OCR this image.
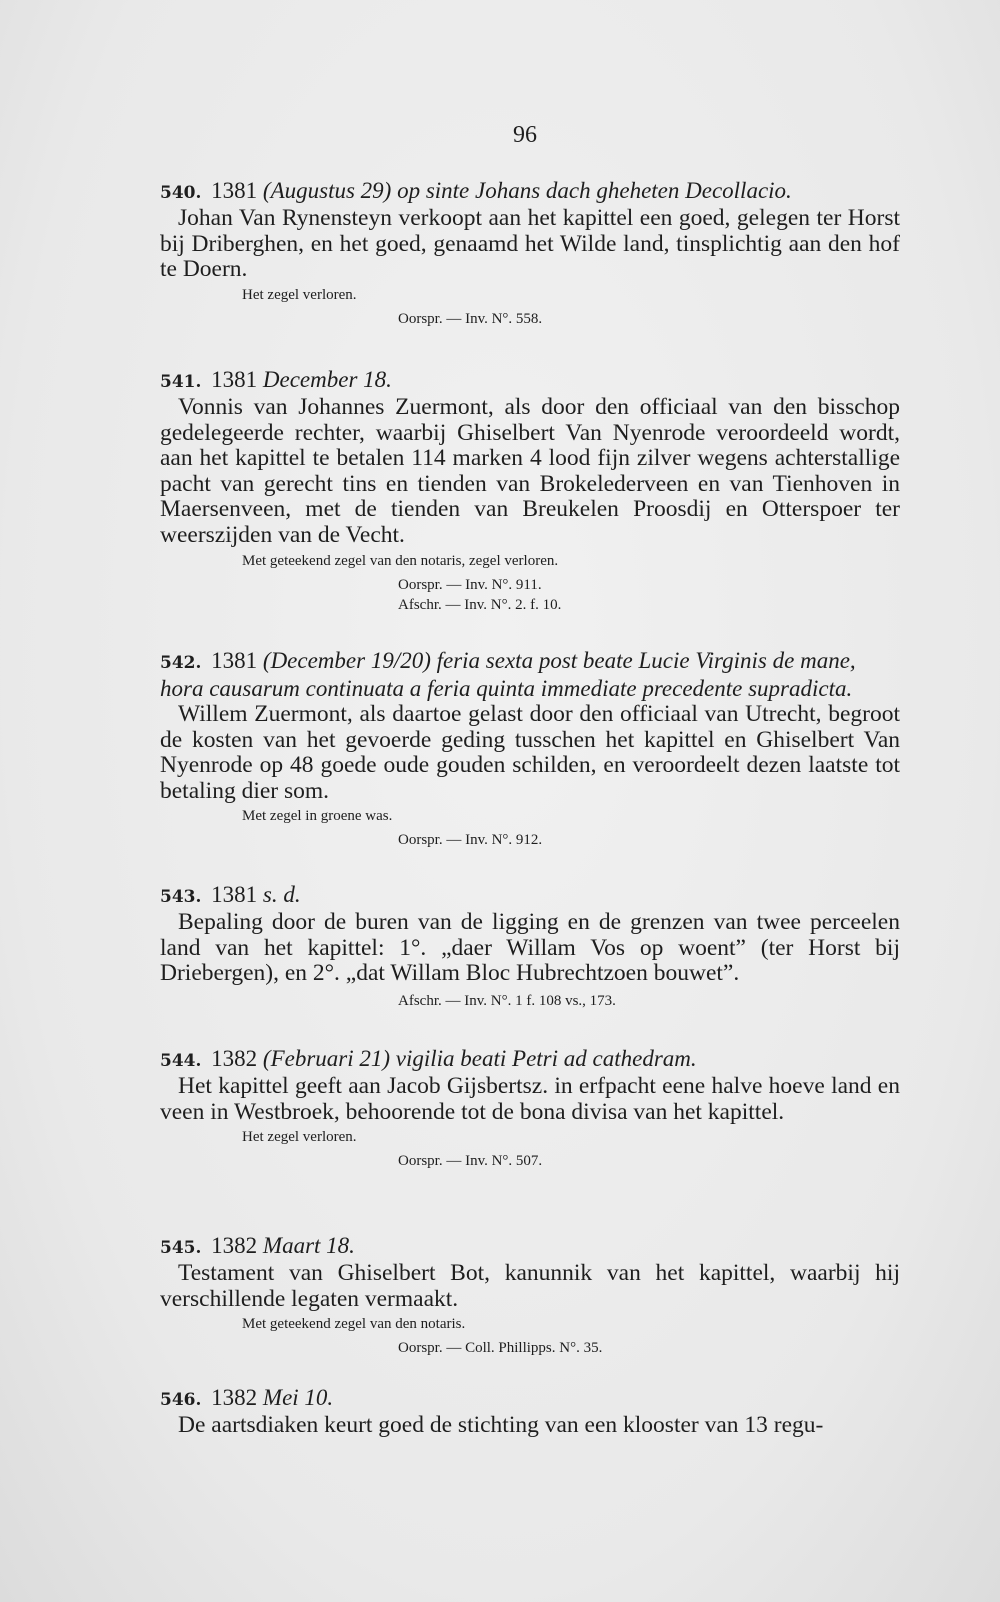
96
540. 1381 (Augustus 29) op sinte Johans dach gheheten Decollacio.

Johan Van Rynensteyn verkoopt aan het kapittel een goed, gelegen ter Horst bij Driberghen, en het goed, genaamd het Wilde land, tinsplichtig aan den hof te Doern.

Het zegel verloren.
Oorspr. — Inv. N°. 558.
541. 1381 December 18.

Vonnis van Johannes Zuermont, als door den officiaal van den bisschop gedelegeerde rechter, waarbij Ghiselbert Van Nyenrode veroordeeld wordt, aan het kapittel te betalen 114 marken 4 lood fijn zilver wegens achterstallige pacht van gerecht tins en tienden van Brokelederveen en van Tienhoven in Maersenveen, met de tienden van Breukelen Proosdij en Otterspoer ter weerszijden van de Vecht.

Met geteekend zegel van den notaris, zegel verloren.
Oorspr. — Inv. N°. 911.
Afschr. — Inv. N°. 2. f. 10.
542. 1381 (December 19/20) feria sexta post beate Lucie Virginis de mane, hora causarum continuata a feria quinta immediate precedente supradicta.

Willem Zuermont, als daartoe gelast door den officiaal van Utrecht, begroot de kosten van het gevoerde geding tusschen het kapittel en Ghiselbert Van Nyenrode op 48 goede oude gouden schilden, en veroordeelt dezen laatste tot betaling dier som.

Met zegel in groene was.
Oorspr. — Inv. N°. 912.
543. 1381 s. d.

Bepaling door de buren van de ligging en de grenzen van twee perceelen land van het kapittel: 1°. „daer Willam Vos op woent” (ter Horst bij Driebergen), en 2°. „dat Willam Bloc Hubrechtzoen bouwet”.

Afschr. — Inv. N°. 1 f. 108 vs., 173.
544. 1382 (Februari 21) vigilia beati Petri ad cathedram.

Het kapittel geeft aan Jacob Gijsbertsz. in erfpacht eene halve hoeve land en veen in Westbroek, behoorende tot de bona divisa van het kapittel.

Het zegel verloren.
Oorspr. — Inv. N°. 507.
545. 1382 Maart 18.

Testament van Ghiselbert Bot, kanunnik van het kapittel, waarbij hij verschillende legaten vermaakt.

Met geteekend zegel van den notaris.
Oorspr. — Coll. Phillipps. N°. 35.
546. 1382 Mei 10.

De aartsdiaken keurt goed de stichting van een klooster van 13 regu-
